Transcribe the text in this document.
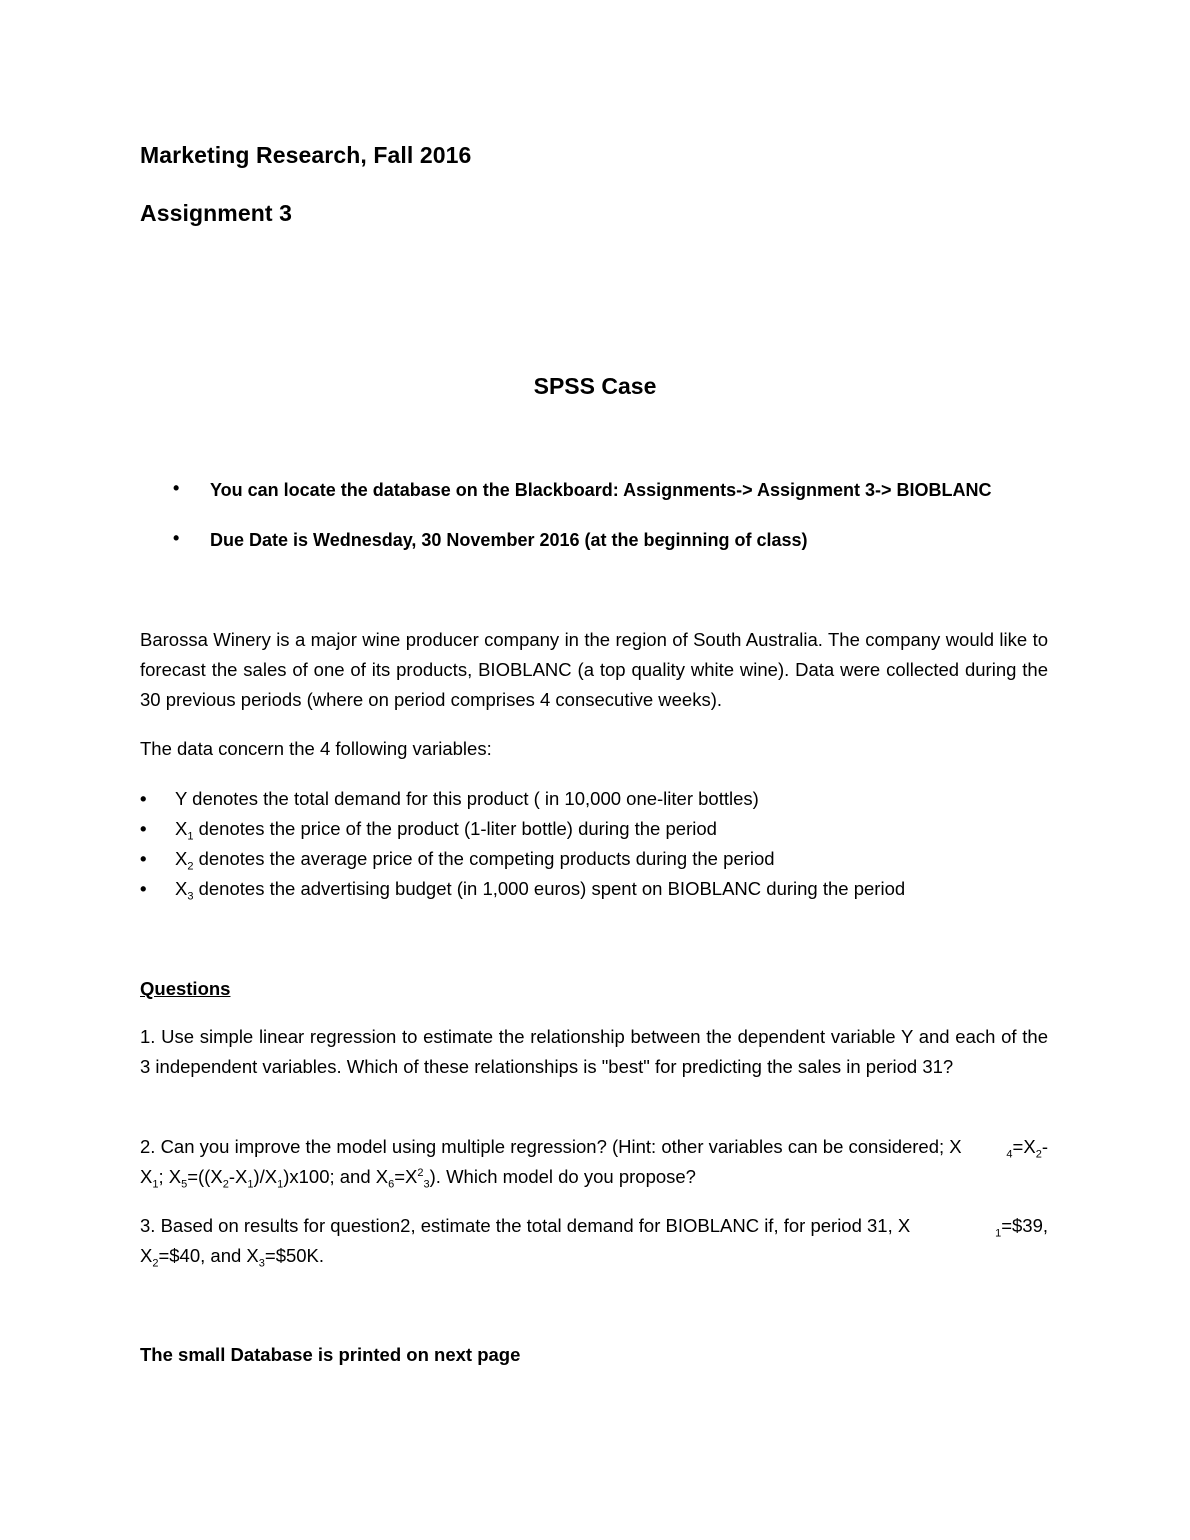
Marketing Research, Fall 2016
Assignment 3
SPSS Case
• You can locate the database on the Blackboard: Assignments-> Assignment 3-> BIOBLANC

• Due Date is Wednesday, 30 November 2016 (at the beginning of class)

Barossa Winery is a major wine producer company in the region of South Australia. The company would like to forecast the sales of one of its products, BIOBLANC (a top quality white wine). Data were collected during the 30 previous periods (where on period comprises 4 consecutive weeks).

The data concern the 4 following variables:

• Y denotes the total demand for this product ( in 10,000 one-liter bottles)
• $X_1$ denotes the price of the product (1-liter bottle) during the period
• $X_2$ denotes the average price of the competing products during the period
• $X_3$ denotes the advertising budget (in 1,000 euros) spent on BIOBLANC during the period

Questions

1. Use simple linear regression to estimate the relationship between the dependent variable Y and each of the 3 independent variables. Which of these relationships is "best" for predicting the sales in period 31?

2. Can you improve the model using multiple regression? (Hint: other variables can be considered; X	$_4=X_2-$
$X_1$; $X_5=((X_2-X_1)/X_1)x100$; and $X_6=X^2_3$). Which model do you propose?
3. Based on results for question2, estimate the total demand for BIOBLANC if, for period 31, X	$_1$=$39,
$X_2=\$40$, and $X_3=\$50K$.

The small Database is printed on next page
